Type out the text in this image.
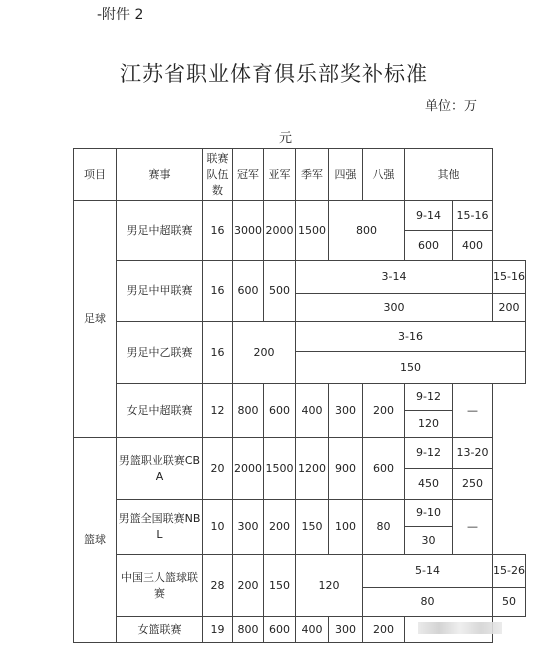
-附件 2
江苏省职业体育俱乐部奖补标准
单位：万
元
项目	赛事	联赛队伍数	冠军	亚军	季军	四强	八强	其他		
足球	男足中超联赛	16	3000	2000	1500	800		9-14	15-16	
								600	400	
	男足中甲联赛	16	600	500	3-14					15-16
					300					200
	男足中乙联赛	16	200		3-16					
					150					
	女足中超联赛	12	800	600	400	300	200	9-12	—	
								120		
篮球	男篮职业联赛CBA	20	2000	1500	1200	900	600	9-12	13-20	
								450	250	
	男篮全国联赛NBL	10	300	200	150	100	80	9-10	—	
								30		
	中国三人篮球联赛	28	200	150	120		5-14			15-26
							80			50
	女篮联赛	19	800	600	400	300	200			
